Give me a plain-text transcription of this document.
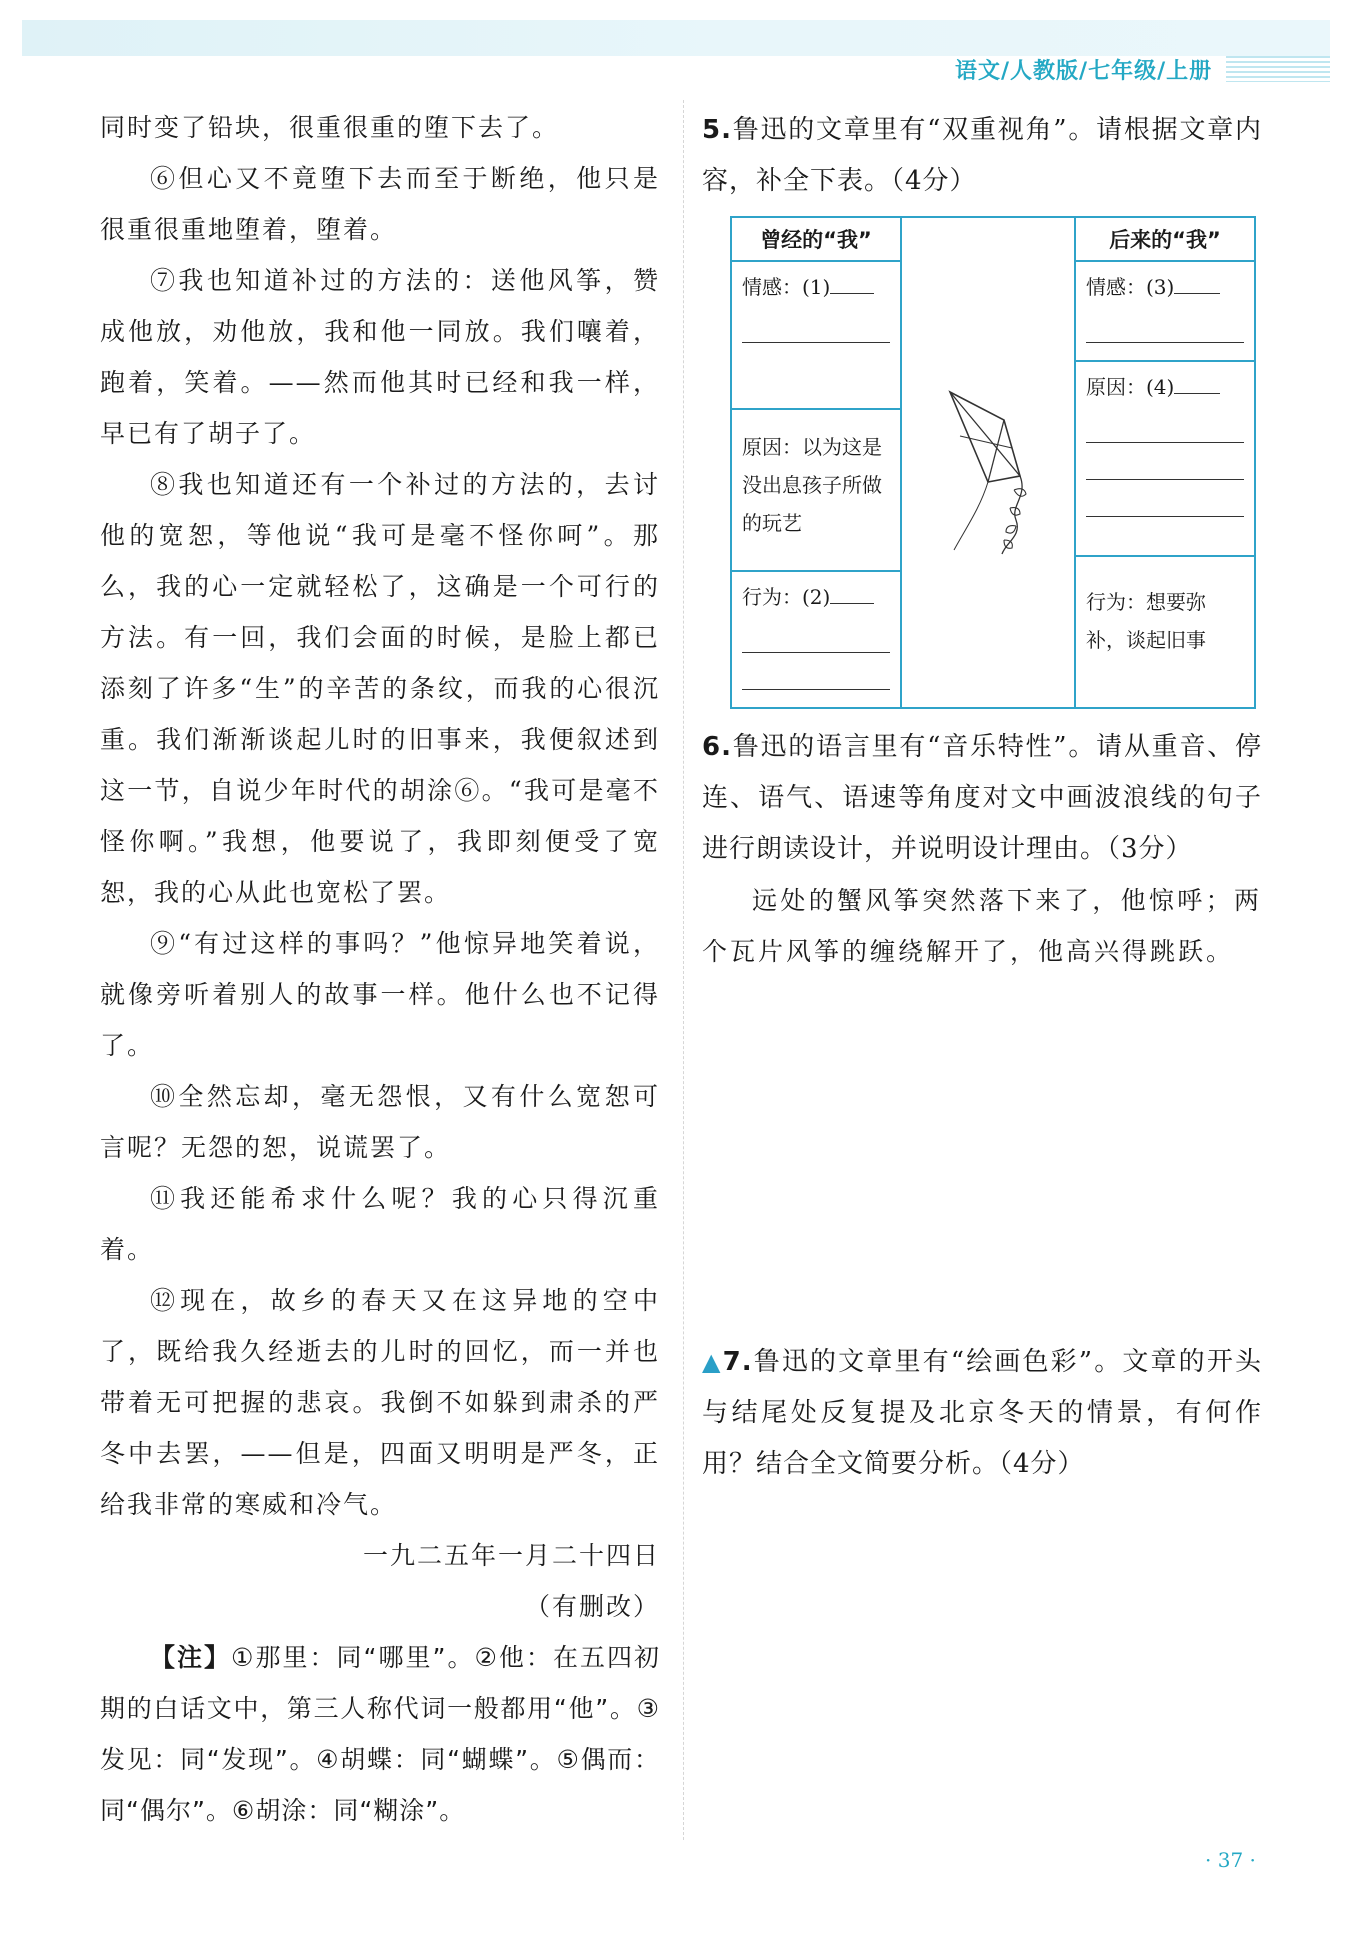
语文/人教版/七年级/上册

同时变了铅块，很重很重的堕下去了。

⑥但心又不竟堕下去而至于断绝，他只是很重很重地堕着，堕着。

⑦我也知道补过的方法的：送他风筝，赞成他放，劝他放，我和他一同放。我们嚷着，跑着，笑着。——然而他其时已经和我一样，早已有了胡子了。

⑧我也知道还有一个补过的方法的，去讨他的宽恕，等他说“我可是毫不怪你呵”。那么，我的心一定就轻松了，这确是一个可行的方法。有一回，我们会面的时候，是脸上都已添刻了许多“生”的辛苦的条纹，而我的心很沉重。我们渐渐谈起儿时的旧事来，我便叙述到这一节，自说少年时代的胡涂⑥。“我可是毫不怪你啊。”我想，他要说了，我即刻便受了宽恕，我的心从此也宽松了罢。

⑨“有过这样的事吗？”他惊异地笑着说，就像旁听着别人的故事一样。他什么也不记得了。

⑩全然忘却，毫无怨恨，又有什么宽恕可言呢？无怨的恕，说谎罢了。

⑪我还能希求什么呢？我的心只得沉重着。

⑫现在，故乡的春天又在这异地的空中了，既给我久经逝去的儿时的回忆，而一并也带着无可把握的悲哀。我倒不如躲到肃杀的严冬中去罢，——但是，四面又明明是严冬，正给我非常的寒威和冷气。

一九二五年一月二十四日

（有删改）

【注】①那里：同“哪里”。②他：在五四初期的白话文中，第三人称代词一般都用“他”。③发见：同“发现”。④胡蝶：同“蝴蝶”。⑤偶而：同“偶尔”。⑥胡涂：同“糊涂”。

5.鲁迅的文章里有“双重视角”。请根据文章内容，补全下表。（4分）

曾经的“我”
情感：(1)
原因：以为这是没出息孩子所做的玩艺
行为：(2)
后来的“我”
情感：(3)
原因：(4)
行为：想要弥补，谈起旧事

6.鲁迅的语言里有“音乐特性”。请从重音、停连、语气、语速等角度对文中画波浪线的句子进行朗读设计，并说明设计理由。（3分）

远处的蟹风筝突然落下来了，他惊呼；两个瓦片风筝的缠绕解开了，他高兴得跳跃。

▲7.鲁迅的文章里有“绘画色彩”。文章的开头与结尾处反复提及北京冬天的情景，有何作用？结合全文简要分析。（4分）

· 37 ·
